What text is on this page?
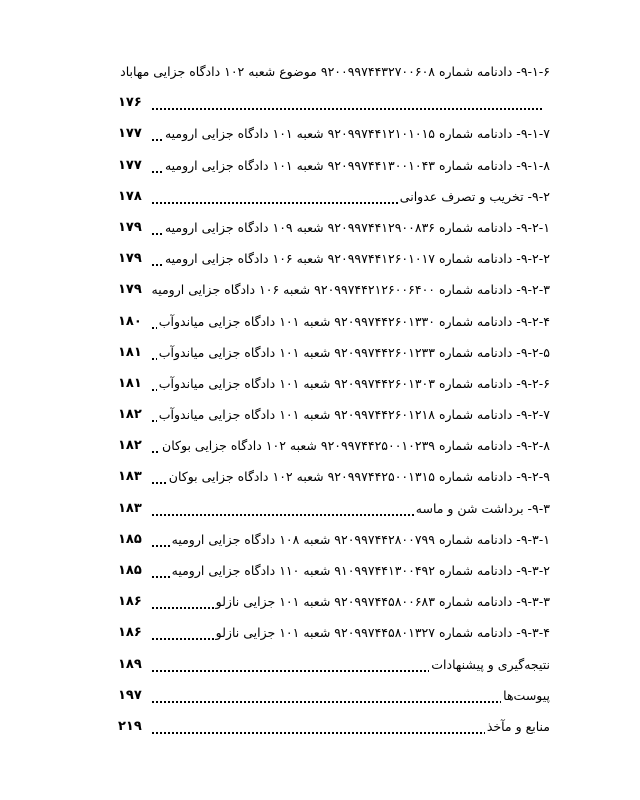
۹-۱-۶- دادنامه شماره ۹۲۰۰۹۹۷۴۴۳۲۷۰۰۶۰۸ موضوع شعبه ۱۰۲ دادگاه جزایی مهاباد
۱۷۶
۹-۱-۷- دادنامه شماره ۹۲۰۹۹۷۴۴۱۲۱۰۱۰۱۵ شعبه ۱۰۱ دادگاه جزایی ارومیه
۱۷۷
۹-۱-۸- دادنامه شماره ۹۲۰۹۹۷۴۴۱۳۰۰۱۰۴۳ شعبه ۱۰۱ دادگاه جزایی ارومیه
۱۷۷
۹-۲- تخریب و تصرف عدوانی
۱۷۸
۹-۲-۱- دادنامه شماره ۹۲۰۹۹۷۴۴۱۲۹۰۰۸۳۶ شعبه ۱۰۹ دادگاه جزایی ارومیه
۱۷۹
۹-۲-۲- دادنامه شماره ۹۲۰۹۹۷۴۴۱۲۶۰۱۰۱۷ شعبه ۱۰۶ دادگاه جزایی ارومیه
۱۷۹
۹-۲-۳- دادنامه شماره ۹۲۰۹۹۷۴۴۲۱۲۶۰۰۶۴۰۰ شعبه ۱۰۶ دادگاه جزایی ارومیه
۱۷۹
۹-۲-۴- دادنامه شماره ۹۲۰۹۹۷۴۴۲۶۰۱۳۳۰ شعبه ۱۰۱ دادگاه جزایی میاندوآب
۱۸۰
۹-۲-۵- دادنامه شماره ۹۲۰۹۹۷۴۴۲۶۰۱۲۳۳ شعبه ۱۰۱ دادگاه جزایی میاندوآب
۱۸۱
۹-۲-۶- دادنامه شماره ۹۲۰۹۹۷۴۴۲۶۰۱۳۰۳ شعبه ۱۰۱ دادگاه جزایی میاندوآب
۱۸۱
۹-۲-۷- دادنامه شماره ۹۲۰۹۹۷۴۴۲۶۰۱۲۱۸ شعبه ۱۰۱ دادگاه جزایی میاندوآب
۱۸۲
۹-۲-۸- دادنامه شماره ۹۲۰۹۹۷۴۴۲۵۰۰۱۰۲۳۹ شعبه ۱۰۲ دادگاه جزایی بوکان
۱۸۲
۹-۲-۹- دادنامه شماره ۹۲۰۹۹۷۴۴۲۵۰۰۱۳۱۵ شعبه ۱۰۲ دادگاه جزایی بوکان
۱۸۳
۹-۳- برداشت شن و ماسه
۱۸۳
۹-۳-۱- دادنامه شماره ۹۲۰۹۹۷۴۴۲۸۰۰۷۹۹ شعبه ۱۰۸ دادگاه جزایی ارومیه
۱۸۵
۹-۳-۲- دادنامه شماره ۹۱۰۹۹۷۴۴۱۳۰۰۴۹۲ شعبه ۱۱۰ دادگاه جزایی ارومیه
۱۸۵
۹-۳-۳- دادنامه شماره ۹۲۰۹۹۷۴۴۵۸۰۰۶۸۳ شعبه ۱۰۱ جزایی نازلو
۱۸۶
۹-۳-۴- دادنامه شماره ۹۲۰۹۹۷۴۴۵۸۰۱۳۲۷ شعبه ۱۰۱ جزایی نازلو
۱۸۶
نتیجه‌گیری و پیشنهادات
۱۸۹
پیوست‌ها
۱۹۷
منابع و مآخذ
۲۱۹
